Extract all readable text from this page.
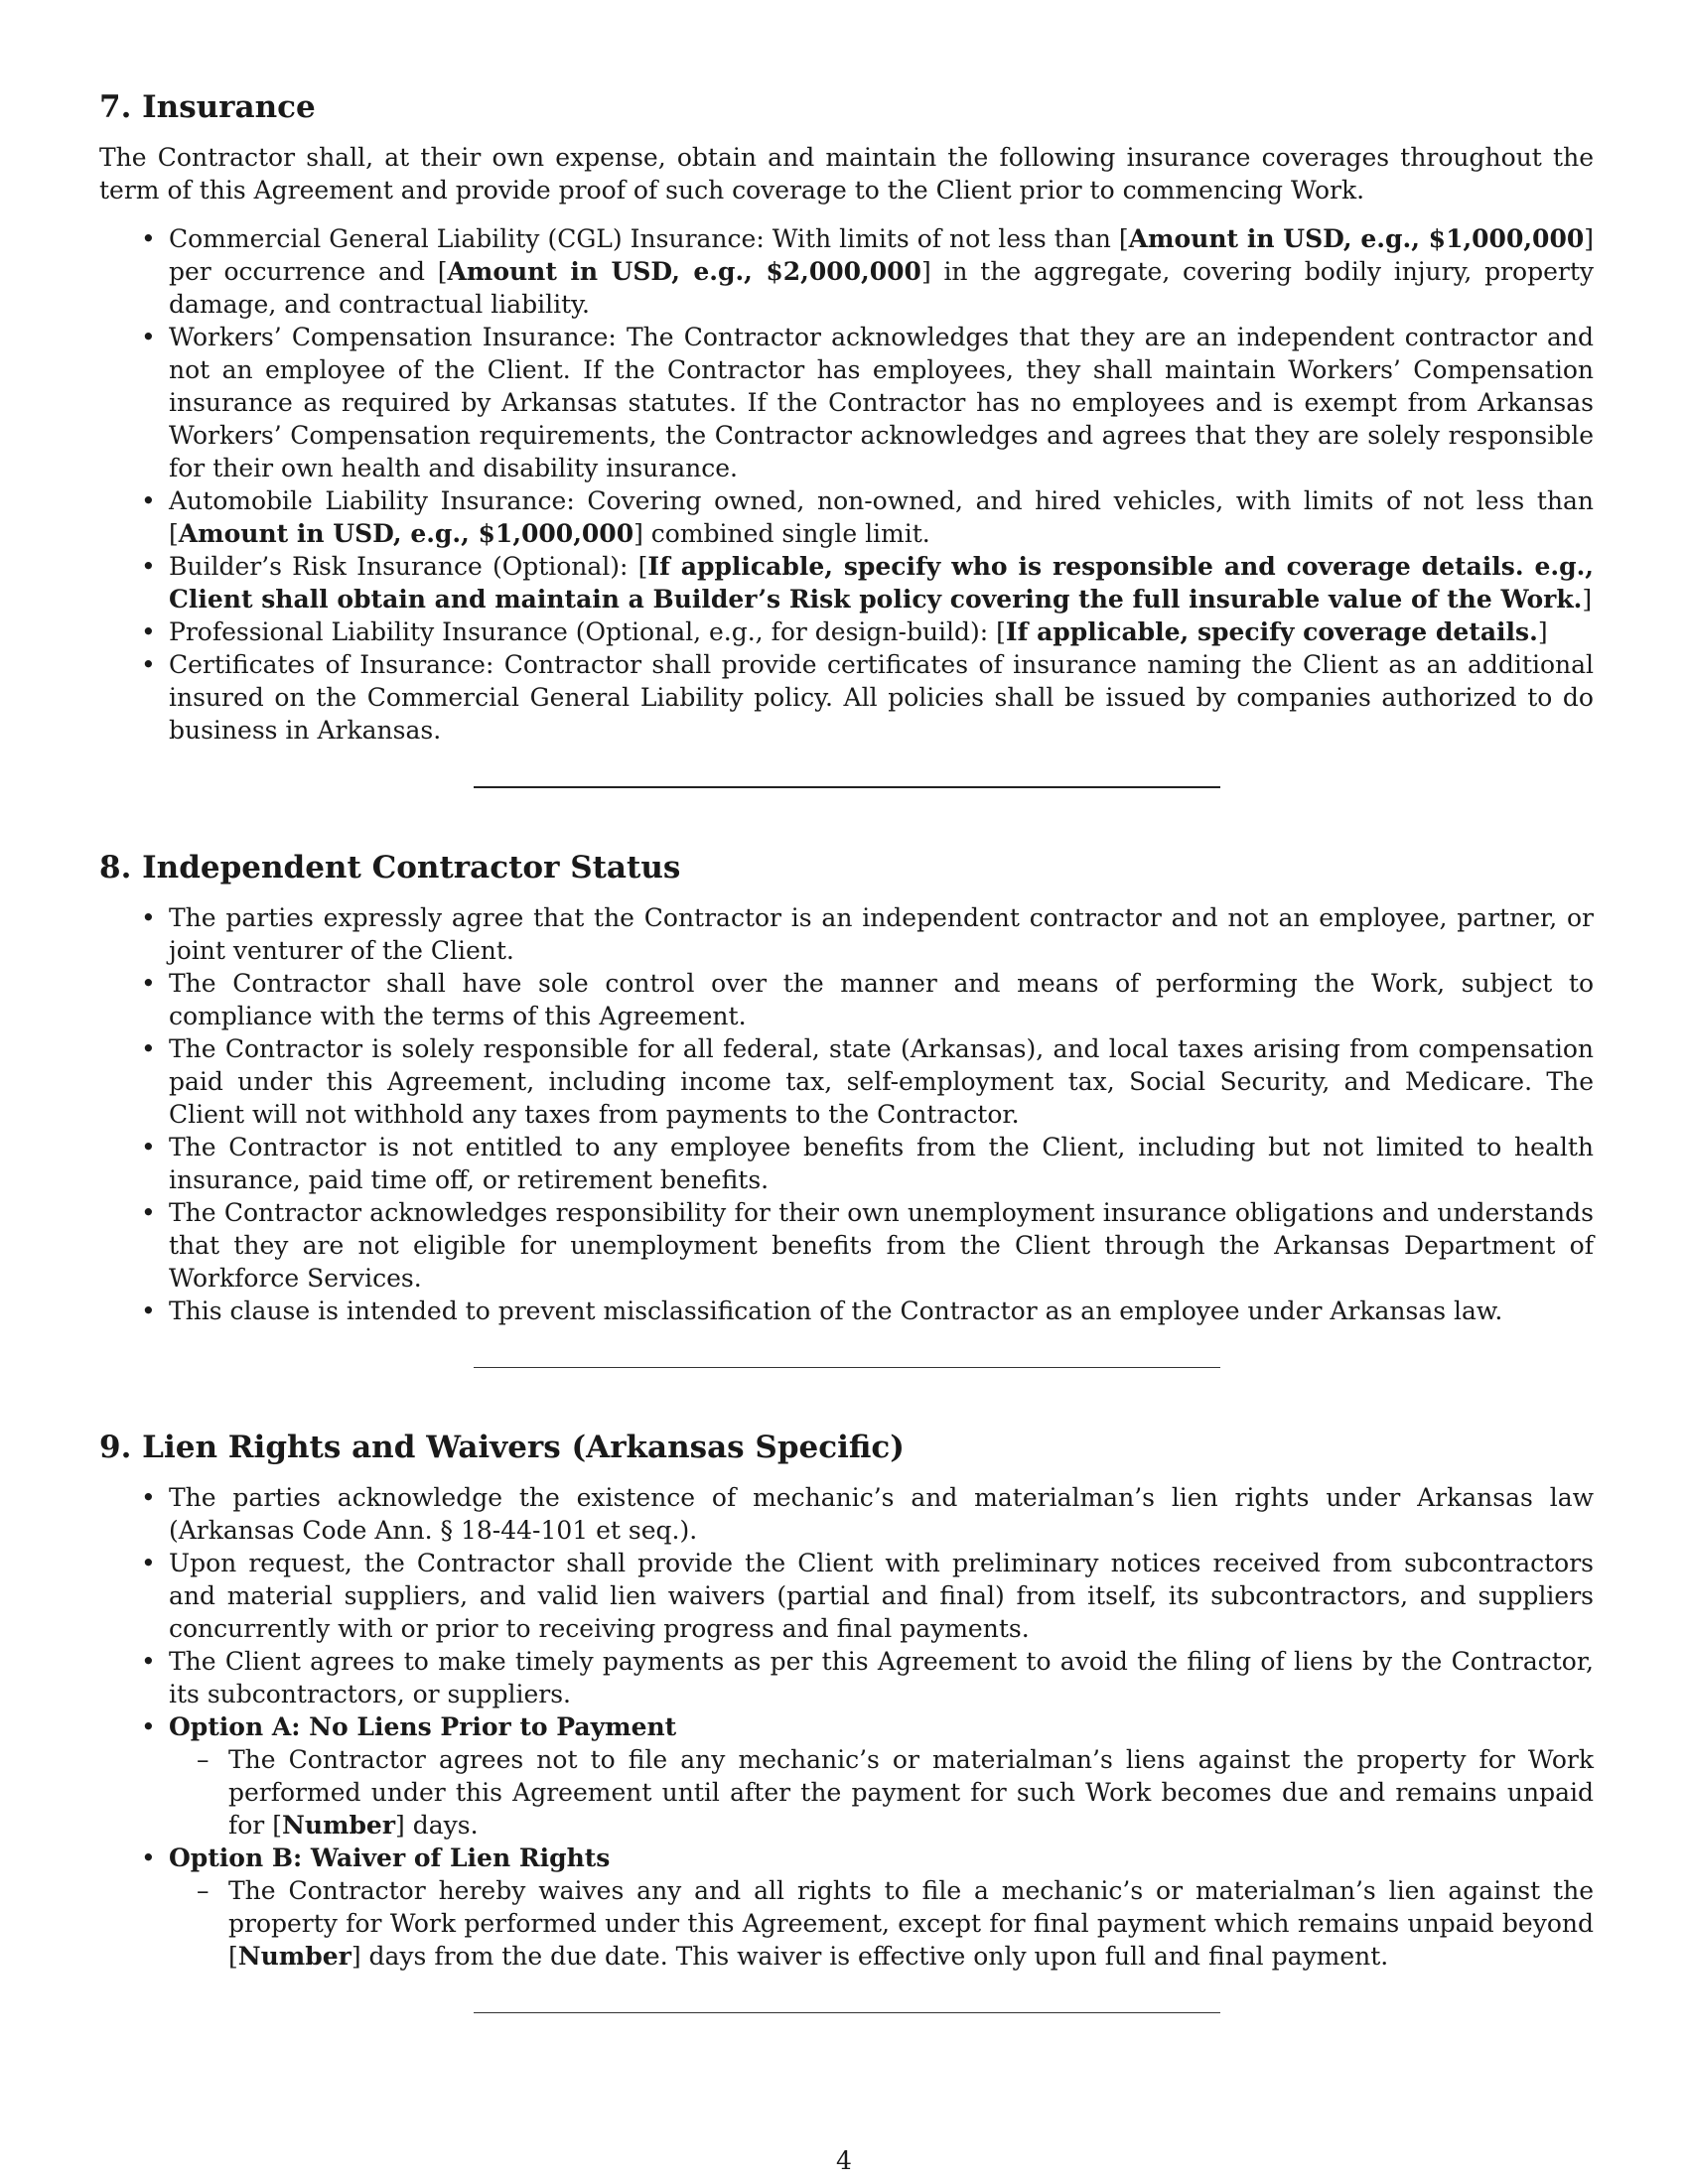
7. Insurance

The Contractor shall, at their own expense, obtain and maintain the following insurance coverages throughout the term of this Agreement and provide proof of such coverage to the Client prior to commencing Work.

• Commercial General Liability (CGL) Insurance: With limits of not less than [Amount in USD, e.g., $1,000,000] per occurrence and [Amount in USD, e.g., $2,000,000] in the aggregate, covering bodily injury, property damage, and contractual liability.
• Workers’ Compensation Insurance: The Contractor acknowledges that they are an independent contractor and not an employee of the Client. If the Contractor has employees, they shall maintain Workers’ Compensation insurance as required by Arkansas statutes. If the Contractor has no employees and is exempt from Arkansas Workers’ Compensation requirements, the Contractor acknowledges and agrees that they are solely responsible for their own health and disability insurance.
• Automobile Liability Insurance: Covering owned, non-owned, and hired vehicles, with limits of not less than [Amount in USD, e.g., $1,000,000] combined single limit.
• Builder’s Risk Insurance (Optional): [If applicable, specify who is responsible and coverage details. e.g., Client shall obtain and maintain a Builder’s Risk policy covering the full insurable value of the Work.]
• Professional Liability Insurance (Optional, e.g., for design-build): [If applicable, specify coverage details.]
• Certificates of Insurance: Contractor shall provide certificates of insurance naming the Client as an additional insured on the Commercial General Liability policy. All policies shall be issued by companies authorized to do business in Arkansas.
8. Independent Contractor Status
• The parties expressly agree that the Contractor is an independent contractor and not an employee, partner, or joint venturer of the Client.
• The Contractor shall have sole control over the manner and means of performing the Work, subject to compliance with the terms of this Agreement.
• The Contractor is solely responsible for all federal, state (Arkansas), and local taxes arising from compensation paid under this Agreement, including income tax, self-employment tax, Social Security, and Medicare. The Client will not withhold any taxes from payments to the Contractor.
• The Contractor is not entitled to any employee benefits from the Client, including but not limited to health insurance, paid time off, or retirement benefits.
• The Contractor acknowledges responsibility for their own unemployment insurance obligations and understands that they are not eligible for unemployment benefits from the Client through the Arkansas Department of Workforce Services.
• This clause is intended to prevent misclassification of the Contractor as an employee under Arkansas law.
9. Lien Rights and Waivers (Arkansas Specific)
• The parties acknowledge the existence of mechanic’s and materialman’s lien rights under Arkansas law (Arkansas Code Ann. § 18-44-101 et seq.).
• Upon request, the Contractor shall provide the Client with preliminary notices received from subcontractors and material suppliers, and valid lien waivers (partial and final) from itself, its subcontractors, and suppliers concurrently with or prior to receiving progress and final payments.
• The Client agrees to make timely payments as per this Agreement to avoid the filing of liens by the Contractor, its subcontractors, or suppliers.
• Option A: No Liens Prior to Payment
– The Contractor agrees not to file any mechanic’s or materialman’s liens against the property for Work performed under this Agreement until after the payment for such Work becomes due and remains unpaid for [Number] days.
• Option B: Waiver of Lien Rights
– The Contractor hereby waives any and all rights to file a mechanic’s or materialman’s lien against the property for Work performed under this Agreement, except for final payment which remains unpaid beyond [Number] days from the due date. This waiver is effective only upon full and final payment.
4
